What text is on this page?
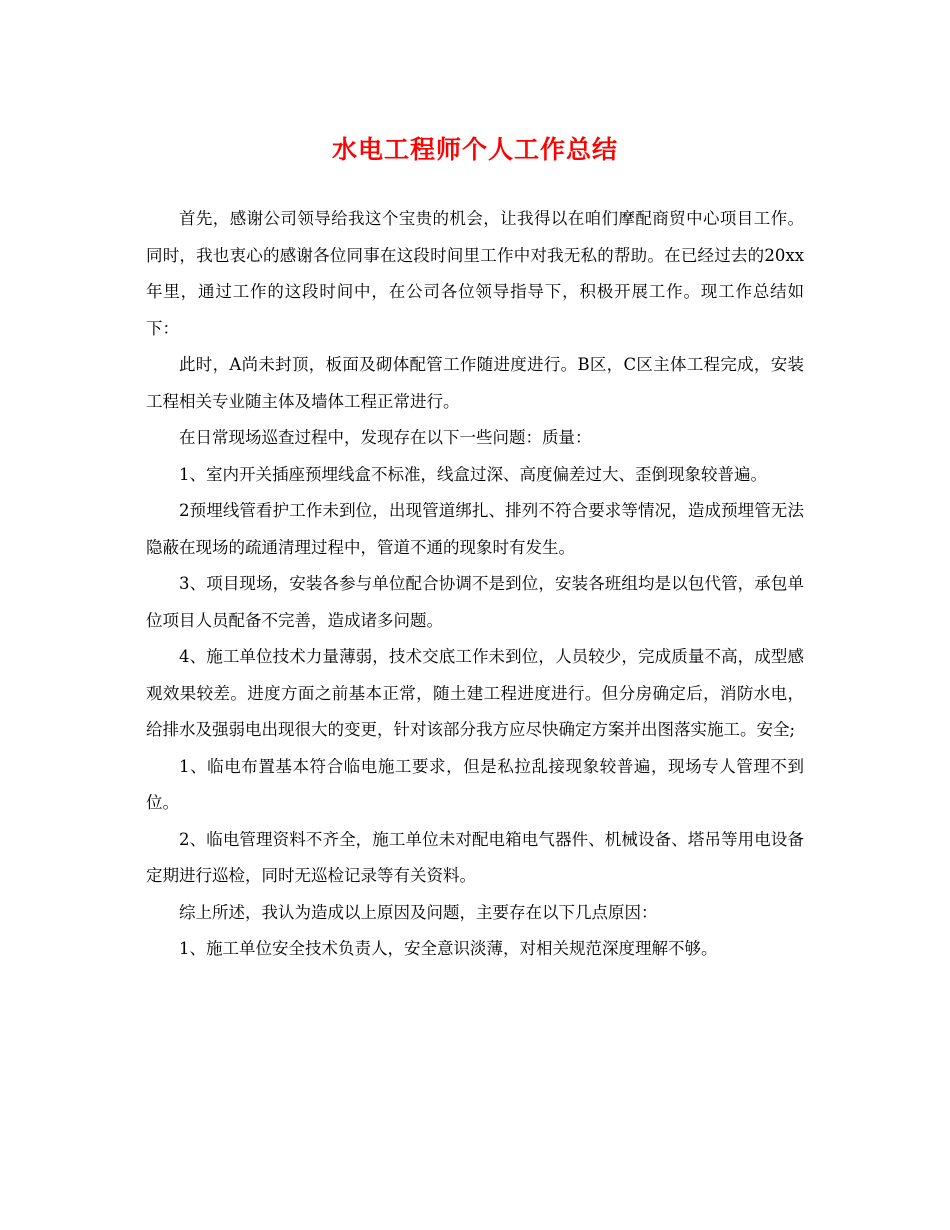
水电工程师个人工作总结

首先，感谢公司领导给我这个宝贵的机会，让我得以在咱们摩配商贸中心项目工作。同时，我也衷心的感谢各位同事在这段时间里工作中对我无私的帮助。在已经过去的20xx年里，通过工作的这段时间中，在公司各位领导指导下，积极开展工作。现工作总结如下：

此时，A尚未封顶，板面及砌体配管工作随进度进行。B区，C区主体工程完成，安装工程相关专业随主体及墙体工程正常进行。

在日常现场巡查过程中，发现存在以下一些问题：质量：

1、室内开关插座预埋线盒不标准，线盒过深、高度偏差过大、歪倒现象较普遍。

2预埋线管看护工作未到位，出现管道绑扎、排列不符合要求等情况，造成预埋管无法隐蔽在现场的疏通清理过程中，管道不通的现象时有发生。

3、项目现场，安装各参与单位配合协调不是到位，安装各班组均是以包代管，承包单位项目人员配备不完善，造成诸多问题。

4、施工单位技术力量薄弱，技术交底工作未到位，人员较少，完成质量不高，成型感观效果较差。进度方面之前基本正常，随土建工程进度进行。但分房确定后，消防水电，给排水及强弱电出现很大的变更，针对该部分我方应尽快确定方案并出图落实施工。安全;

1、临电布置基本符合临电施工要求，但是私拉乱接现象较普遍，现场专人管理不到位。

2、临电管理资料不齐全，施工单位未对配电箱电气器件、机械设备、塔吊等用电设备定期进行巡检，同时无巡检记录等有关资料。

综上所述，我认为造成以上原因及问题，主要存在以下几点原因：

1、施工单位安全技术负责人，安全意识淡薄，对相关规范深度理解不够。
